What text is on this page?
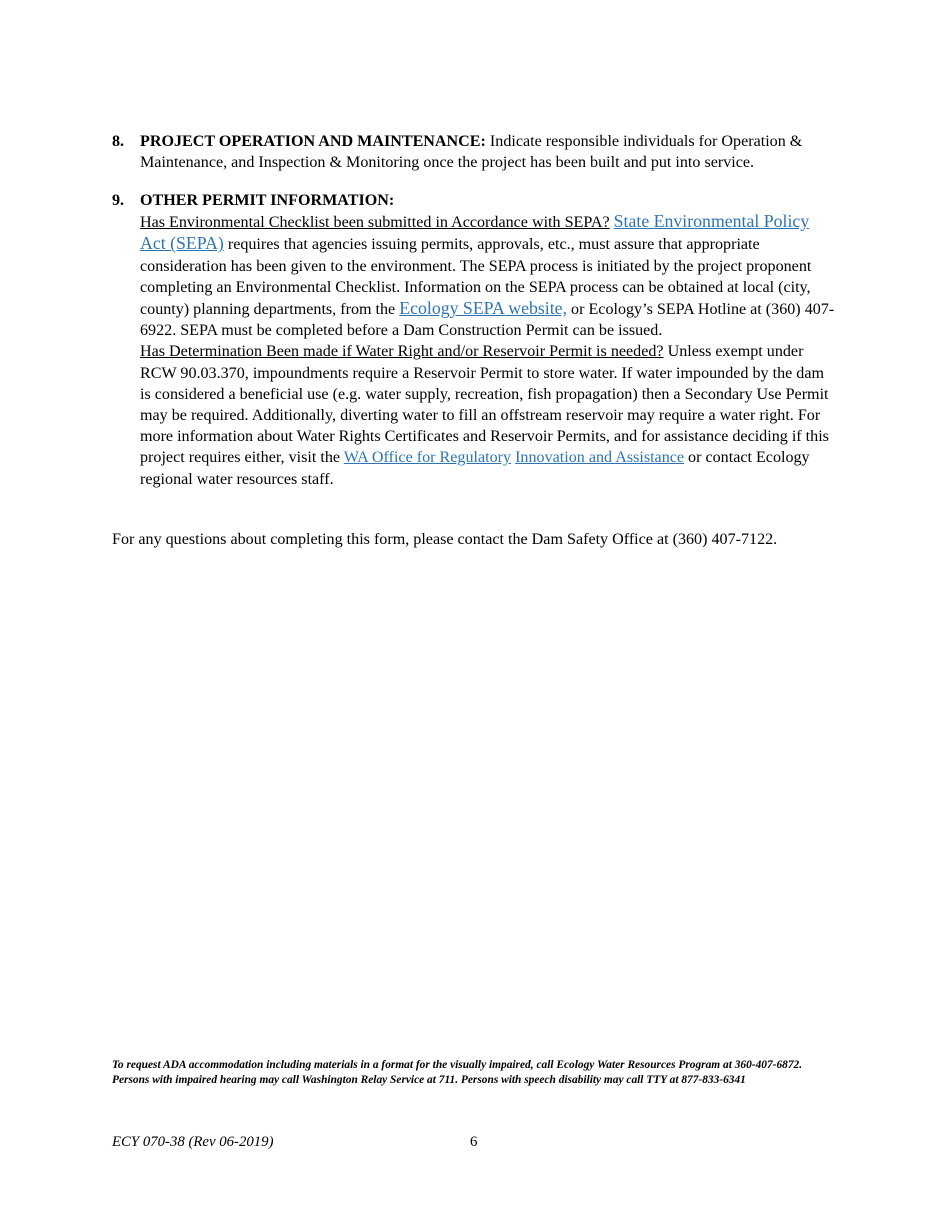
8. PROJECT OPERATION AND MAINTENANCE: Indicate responsible individuals for Operation & Maintenance, and Inspection & Monitoring once the project has been built and put into service.
9. OTHER PERMIT INFORMATION:
Has Environmental Checklist been submitted in Accordance with SEPA? State Environmental Policy Act (SEPA) requires that agencies issuing permits, approvals, etc., must assure that appropriate consideration has been given to the environment. The SEPA process is initiated by the project proponent completing an Environmental Checklist. Information on the SEPA process can be obtained at local (city, county) planning departments, from the Ecology SEPA website, or Ecology’s SEPA Hotline at (360) 407-6922. SEPA must be completed before a Dam Construction Permit can be issued.
Has Determination Been made if Water Right and/or Reservoir Permit is needed? Unless exempt under RCW 90.03.370, impoundments require a Reservoir Permit to store water. If water impounded by the dam is considered a beneficial use (e.g. water supply, recreation, fish propagation) then a Secondary Use Permit may be required. Additionally, diverting water to fill an offstream reservoir may require a water right. For more information about Water Rights Certificates and Reservoir Permits, and for assistance deciding if this project requires either, visit the WA Office for Regulatory Innovation and Assistance or contact Ecology regional water resources staff.
For any questions about completing this form, please contact the Dam Safety Office at (360) 407-7122.
To request ADA accommodation including materials in a format for the visually impaired, call Ecology Water Resources Program at 360-407-6872. Persons with impaired hearing may call Washington Relay Service at 711. Persons with speech disability may call TTY at 877-833-6341
ECY 070-38 (Rev 06-2019)	6
